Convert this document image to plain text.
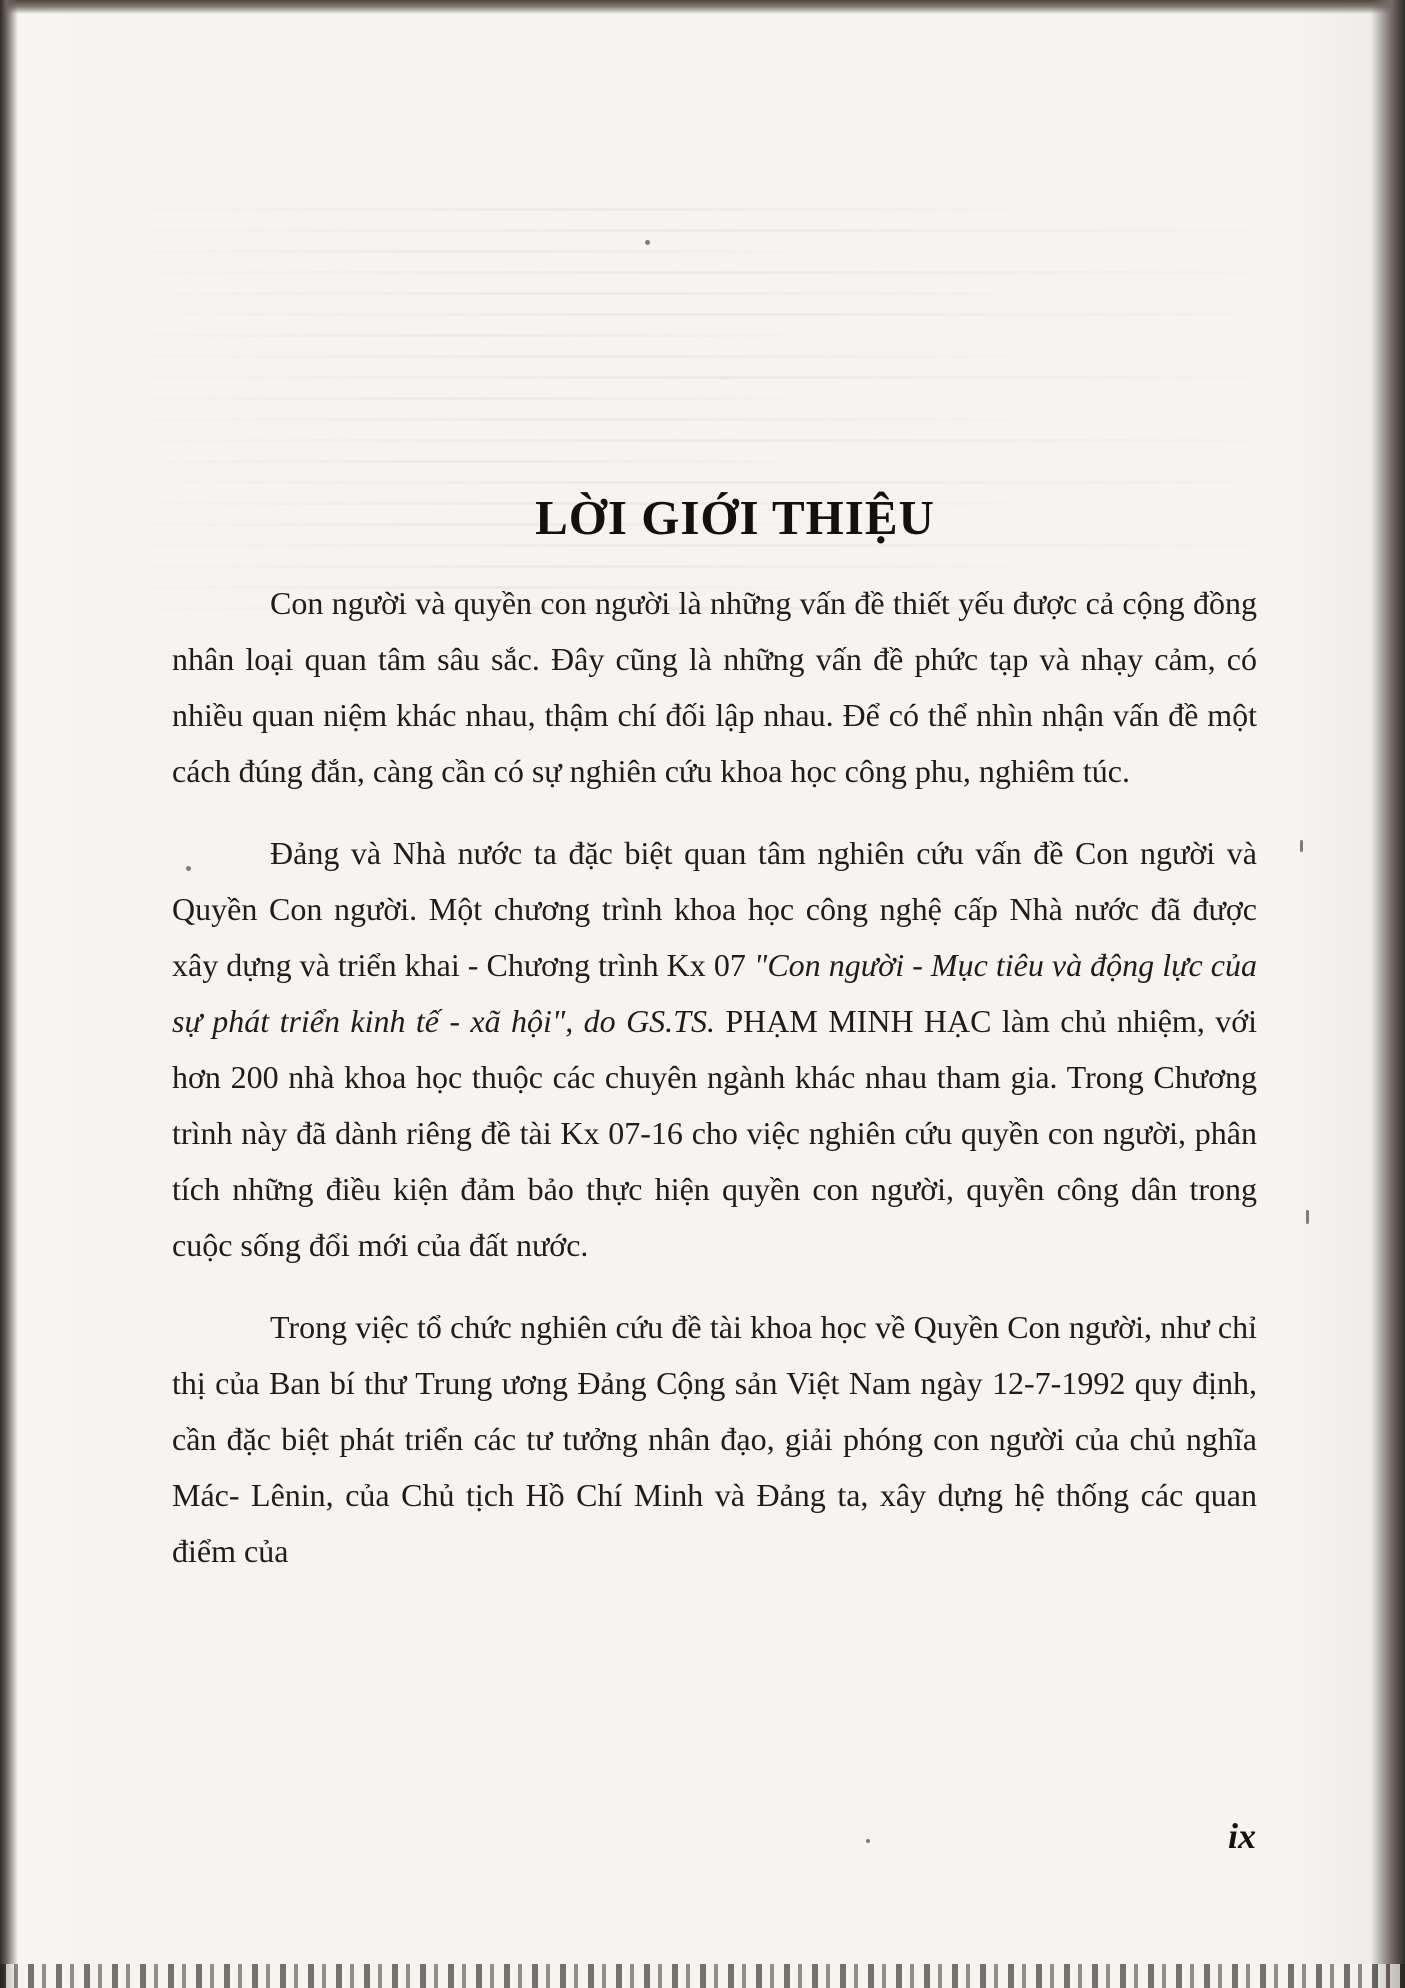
LỜI GIỚI THIỆU

Con người và quyền con người là những vấn đề thiết yếu được cả cộng đồng nhân loại quan tâm sâu sắc. Đây cũng là những vấn đề phức tạp và nhạy cảm, có nhiều quan niệm khác nhau, thậm chí đối lập nhau. Để có thể nhìn nhận vấn đề một cách đúng đắn, càng cần có sự nghiên cứu khoa học công phu, nghiêm túc.

Đảng và Nhà nước ta đặc biệt quan tâm nghiên cứu vấn đề Con người và Quyền Con người. Một chương trình khoa học công nghệ cấp Nhà nước đã được xây dựng và triển khai - Chương trình Kx 07 "Con người - Mục tiêu và động lực của sự phát triển kinh tế - xã hội", do GS.TS. PHẠM MINH HẠC làm chủ nhiệm, với hơn 200 nhà khoa học thuộc các chuyên ngành khác nhau tham gia. Trong Chương trình này đã dành riêng đề tài Kx 07-16 cho việc nghiên cứu quyền con người, phân tích những điều kiện đảm bảo thực hiện quyền con người, quyền công dân trong cuộc sống đổi mới của đất nước.

Trong việc tổ chức nghiên cứu đề tài khoa học về Quyền Con người, như chỉ thị của Ban bí thư Trung ương Đảng Cộng sản Việt Nam ngày 12-7-1992 quy định, cần đặc biệt phát triển các tư tưởng nhân đạo, giải phóng con người của chủ nghĩa Mác- Lênin, của Chủ tịch Hồ Chí Minh và Đảng ta, xây dựng hệ thống các quan điểm của

ix
